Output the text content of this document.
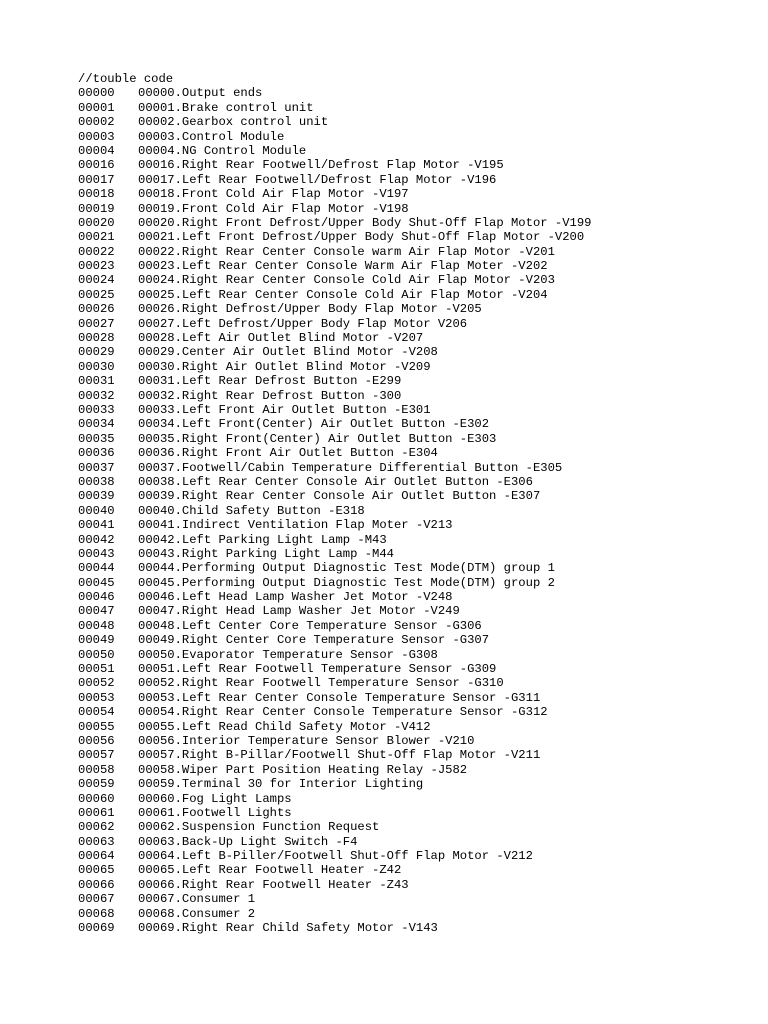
//touble code
00000	00000.Output ends
00001	00001.Brake control unit
00002	00002.Gearbox control unit
00003	00003.Control Module
00004	00004.NG Control Module
00016	00016.Right Rear Footwell/Defrost Flap Motor -V195
00017	00017.Left Rear Footwell/Defrost Flap Motor -V196
00018	00018.Front Cold Air Flap Motor -V197
00019	00019.Front Cold Air Flap Motor -V198
00020	00020.Right Front Defrost/Upper Body Shut-Off Flap Motor -V199
00021	00021.Left Front Defrost/Upper Body Shut-Off Flap Motor -V200
00022	00022.Right Rear Center Console warm Air Flap Motor -V201
00023	00023.Left Rear Center Console Warm Air Flap Moter -V202
00024	00024.Right Rear Center Console Cold Air Flap Motor -V203
00025	00025.Left Rear Center Console Cold Air Flap Motor -V204
00026	00026.Right Defrost/Upper Body Flap Motor -V205
00027	00027.Left Defrost/Upper Body Flap Motor V206
00028	00028.Left Air Outlet Blind Motor -V207
00029	00029.Center Air Outlet Blind Motor -V208
00030	00030.Right Air Outlet Blind Motor -V209
00031	00031.Left Rear Defrost Button -E299
00032	00032.Right Rear Defrost Button -300
00033	00033.Left Front Air Outlet Button -E301
00034	00034.Left Front(Center) Air Outlet Button -E302
00035	00035.Right Front(Center) Air Outlet Button -E303
00036	00036.Right Front Air Outlet Button -E304
00037	00037.Footwell/Cabin Temperature Differential Button -E305
00038	00038.Left Rear Center Console Air Outlet Button -E306
00039	00039.Right Rear Center Console Air Outlet Button -E307
00040	00040.Child Safety Button -E318
00041	00041.Indirect Ventilation Flap Moter -V213
00042	00042.Left Parking Light Lamp -M43
00043	00043.Right Parking Light Lamp -M44
00044	00044.Performing Output Diagnostic Test Mode(DTM) group 1
00045	00045.Performing Output Diagnostic Test Mode(DTM) group 2
00046	00046.Left Head Lamp Washer Jet Motor -V248
00047	00047.Right Head Lamp Washer Jet Motor -V249
00048	00048.Left Center Core Temperature Sensor -G306
00049	00049.Right Center Core Temperature Sensor -G307
00050	00050.Evaporator Temperature Sensor -G308
00051	00051.Left Rear Footwell Temperature Sensor -G309
00052	00052.Right Rear Footwell Temperature Sensor -G310
00053	00053.Left Rear Center Console Temperature Sensor -G311
00054	00054.Right Rear Center Console Temperature Sensor -G312
00055	00055.Left Read Child Safety Motor -V412
00056	00056.Interior Temperature Sensor Blower -V210
00057	00057.Right B-Pillar/Footwell Shut-Off Flap Motor -V211
00058	00058.Wiper Part Position Heating Relay -J582
00059	00059.Terminal 30 for Interior Lighting
00060	00060.Fog Light Lamps
00061	00061.Footwell Lights
00062	00062.Suspension Function Request
00063	00063.Back-Up Light Switch -F4
00064	00064.Left B-Piller/Footwell Shut-Off Flap Motor -V212
00065	00065.Left Rear Footwell Heater -Z42
00066	00066.Right Rear Footwell Heater -Z43
00067	00067.Consumer 1
00068	00068.Consumer 2
00069	00069.Right Rear Child Safety Motor -V143
